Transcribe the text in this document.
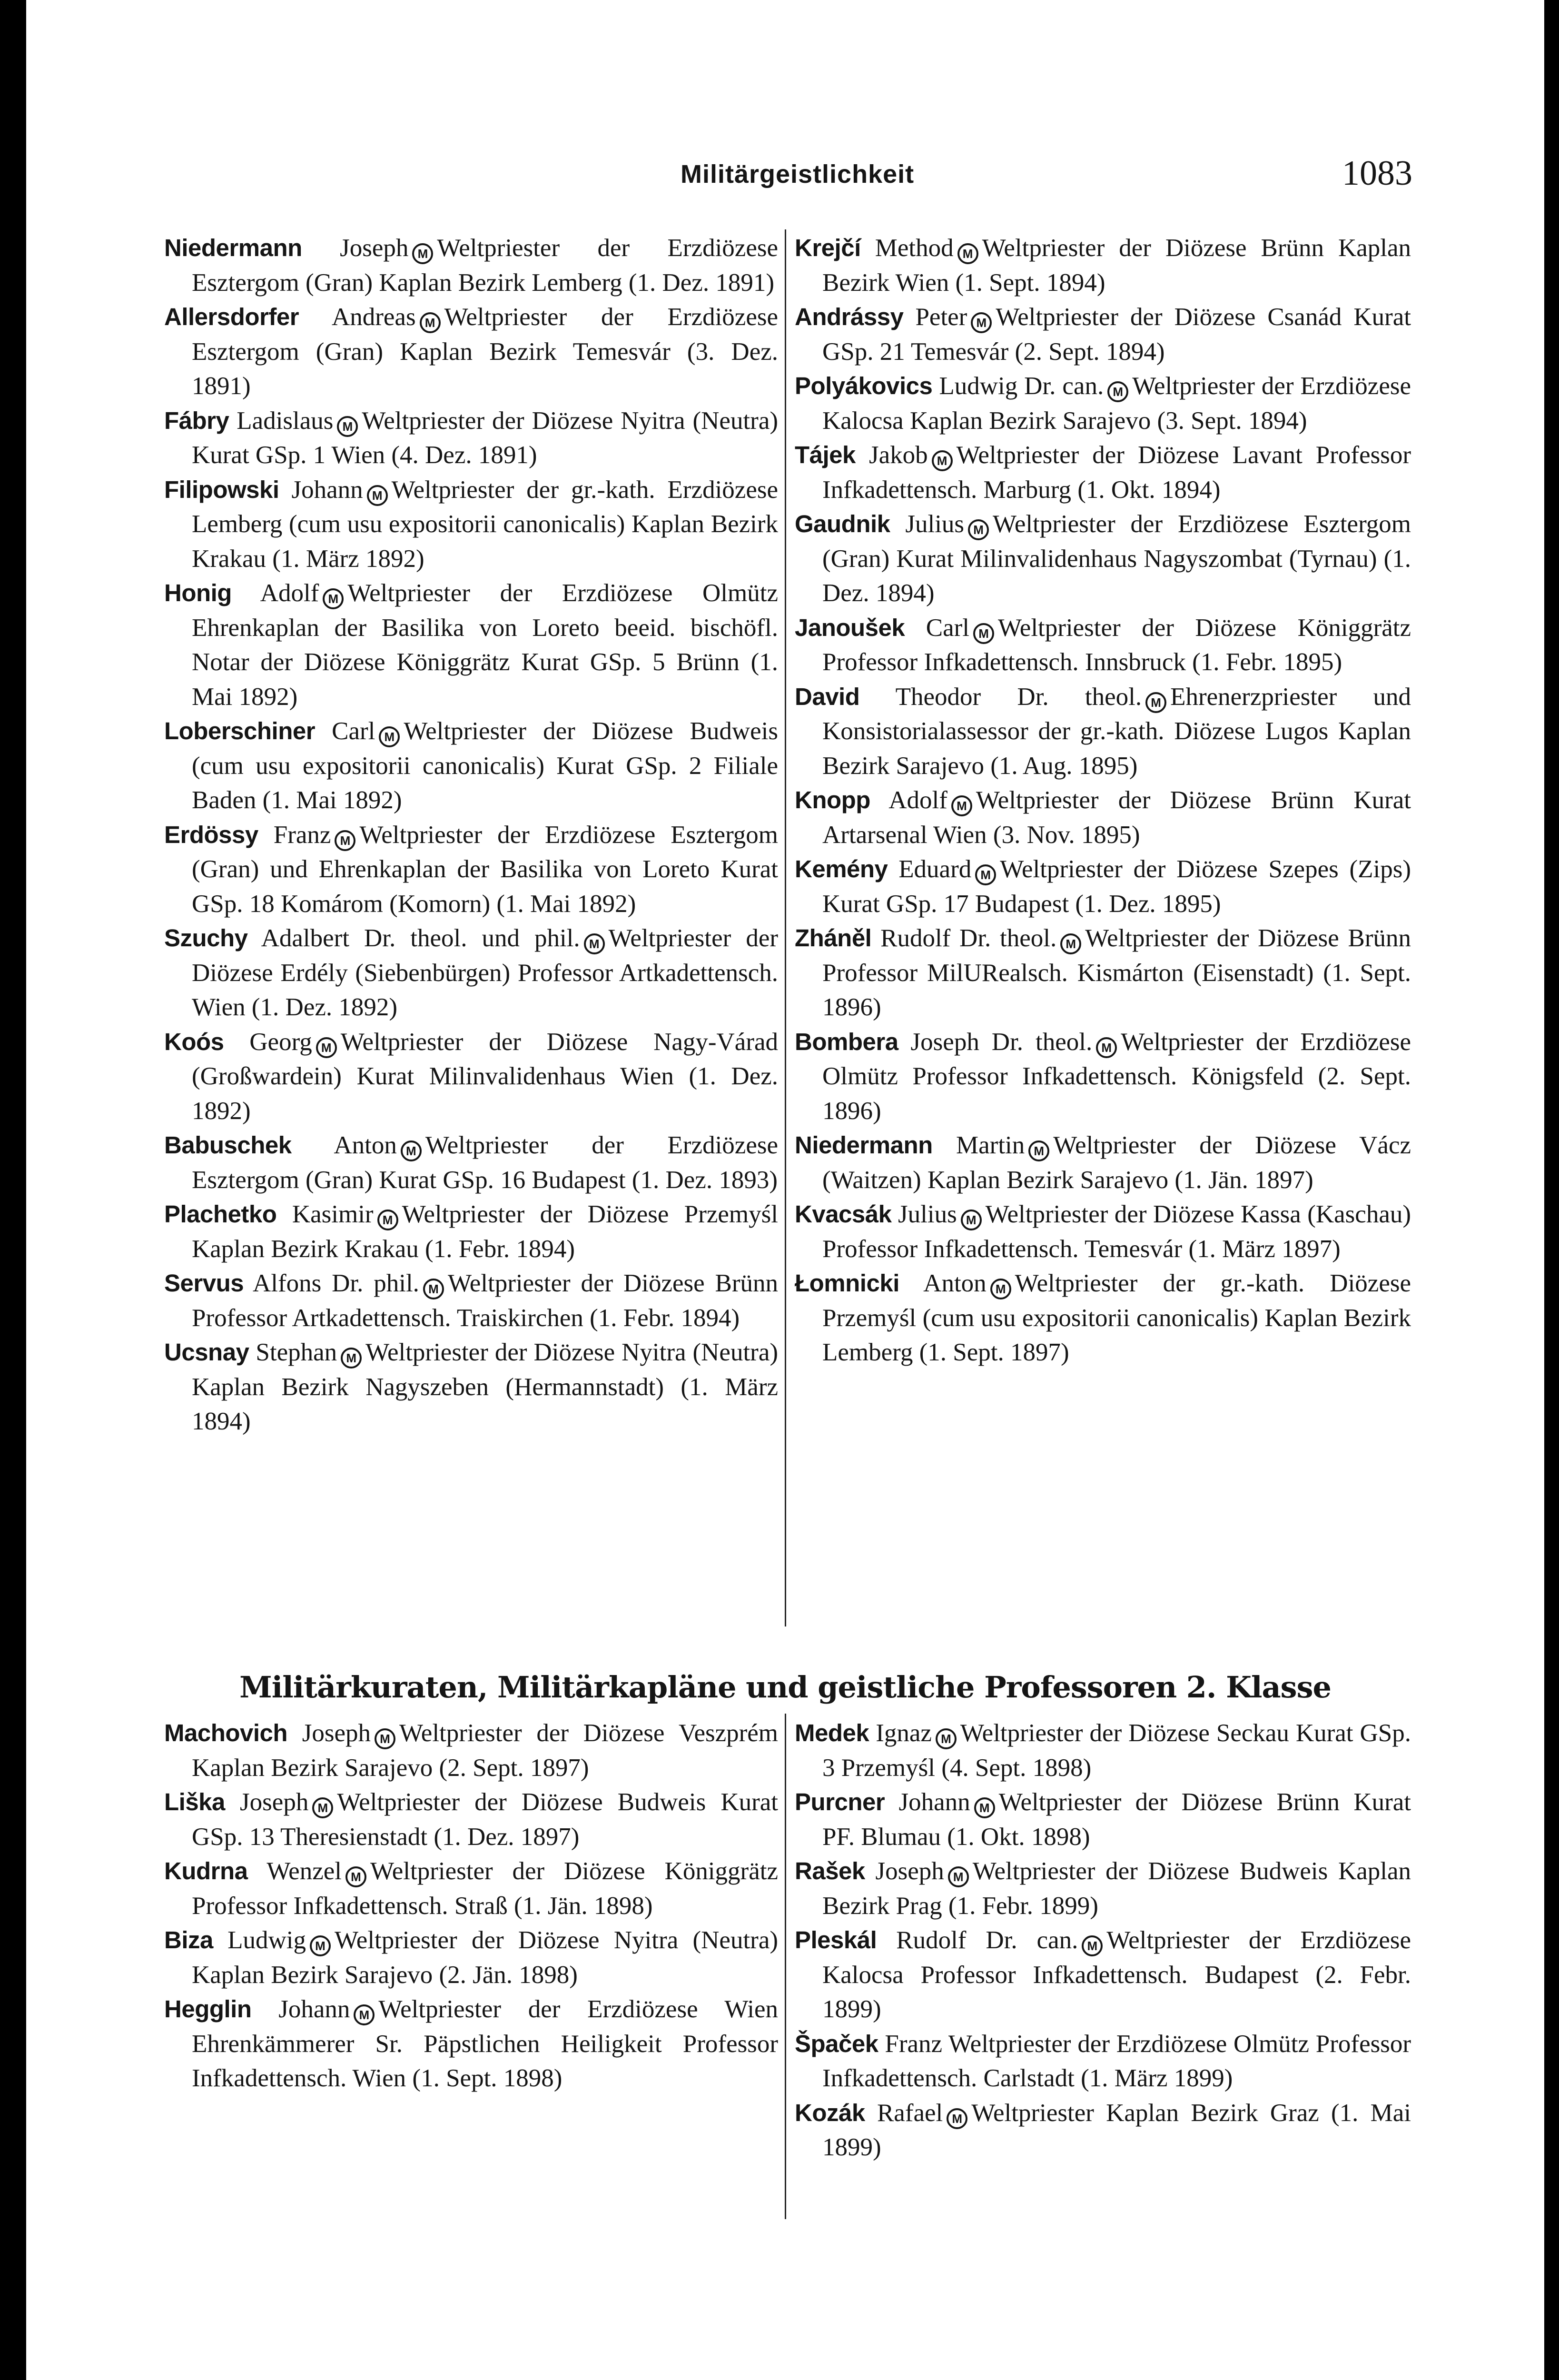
Militärgeistlichkeit	1083

Niedermann Joseph M Weltpriester der Erzdiözese Esztergom (Gran) Kaplan Bezirk Lemberg (1. Dez. 1891)

Allersdorfer Andreas M Weltpriester der Erzdiözese Esztergom (Gran) Kaplan Bezirk Temesvár (3. Dez. 1891)

Fábry Ladislaus M Weltpriester der Diözese Nyitra (Neutra) Kurat GSp. 1 Wien (4. Dez. 1891)

Filipowski Johann M Weltpriester der gr.-kath. Erzdiözese Lemberg (cum usu expositorii canonicalis) Kaplan Bezirk Krakau (1. März 1892)

Honig Adolf M Weltpriester der Erzdiözese Olmütz Ehrenkaplan der Basilika von Loreto beeid. bischöfl. Notar der Diözese Königgrätz Kurat GSp. 5 Brünn (1. Mai 1892)

Loberschiner Carl M Weltpriester der Diözese Budweis (cum usu expositorii canonicalis) Kurat GSp. 2 Filiale Baden (1. Mai 1892)

Erdössy Franz M Weltpriester der Erzdiözese Esztergom (Gran) und Ehrenkaplan der Basilika von Loreto Kurat GSp. 18 Komárom (Komorn) (1. Mai 1892)

Szuchy Adalbert Dr. theol. und phil. M Weltpriester der Diözese Erdély (Siebenbürgen) Professor Artkadettensch. Wien (1. Dez. 1892)

Koós Georg M Weltpriester der Diözese Nagy-Várad (Großwardein) Kurat Milinvalidenhaus Wien (1. Dez. 1892)

Babuschek Anton M Weltpriester der Erzdiözese Esztergom (Gran) Kurat GSp. 16 Budapest (1. Dez. 1893)

Plachetko Kasimir M Weltpriester der Diözese Przemyśl Kaplan Bezirk Krakau (1. Febr. 1894)

Servus Alfons Dr. phil. M Weltpriester der Diözese Brünn Professor Artkadettensch. Traiskirchen (1. Febr. 1894)

Ucsnay Stephan M Weltpriester der Diözese Nyitra (Neutra) Kaplan Bezirk Nagyszeben (Hermannstadt) (1. März 1894)

Krejčí Method M Weltpriester der Diözese Brünn Kaplan Bezirk Wien (1. Sept. 1894)

Andrássy Peter M Weltpriester der Diözese Csanád Kurat GSp. 21 Temesvár (2. Sept. 1894)

Polyákovics Ludwig Dr. can. M Weltpriester der Erzdiözese Kalocsa Kaplan Bezirk Sarajevo (3. Sept. 1894)

Tájek Jakob M Weltpriester der Diözese Lavant Professor Infkadettensch. Marburg (1. Okt. 1894)

Gaudnik Julius M Weltpriester der Erzdiözese Esztergom (Gran) Kurat Milinvalidenhaus Nagyszombat (Tyrnau) (1. Dez. 1894)

Janoušek Carl M Weltpriester der Diözese Königgrätz Professor Infkadettensch. Innsbruck (1. Febr. 1895)

David Theodor Dr. theol. M Ehrenerzpriester und Konsistorialassessor der gr.-kath. Diözese Lugos Kaplan Bezirk Sarajevo (1. Aug. 1895)

Knopp Adolf M Weltpriester der Diözese Brünn Kurat Artarsenal Wien (3. Nov. 1895)

Kemény Eduard M Weltpriester der Diözese Szepes (Zips) Kurat GSp. 17 Budapest (1. Dez. 1895)

Zháněl Rudolf Dr. theol. M Weltpriester der Diözese Brünn Professor MilURealsch. Kismárton (Eisenstadt) (1. Sept. 1896)

Bombera Joseph Dr. theol. M Weltpriester der Erzdiözese Olmütz Professor Infkadettensch. Königsfeld (2. Sept. 1896)

Niedermann Martin M Weltpriester der Diözese Vácz (Waitzen) Kaplan Bezirk Sarajevo (1. Jän. 1897)

Kvacsák Julius M Weltpriester der Diözese Kassa (Kaschau) Professor Infkadettensch. Temesvár (1. März 1897)

Łomnicki Anton M Weltpriester der gr.-kath. Diözese Przemyśl (cum usu expositorii canonicalis) Kaplan Bezirk Lemberg (1. Sept. 1897)

Militärkuraten, Militärkapläne und geistliche Professoren 2. Klasse

Machovich Joseph M Weltpriester der Diözese Veszprém Kaplan Bezirk Sarajevo (2. Sept. 1897)

Liška Joseph M Weltpriester der Diözese Budweis Kurat GSp. 13 Theresienstadt (1. Dez. 1897)

Kudrna Wenzel M Weltpriester der Diözese Königgrätz Professor Infkadettensch. Straß (1. Jän. 1898)

Biza Ludwig M Weltpriester der Diözese Nyitra (Neutra) Kaplan Bezirk Sarajevo (2. Jän. 1898)

Hegglin Johann M Weltpriester der Erzdiözese Wien Ehrenkämmerer Sr. Päpstlichen Heiligkeit Professor Infkadettensch. Wien (1. Sept. 1898)

Medek Ignaz M Weltpriester der Diözese Seckau Kurat GSp. 3 Przemyśl (4. Sept. 1898)

Purcner Johann M Weltpriester der Diözese Brünn Kurat PF. Blumau (1. Okt. 1898)

Rašek Joseph M Weltpriester der Diözese Budweis Kaplan Bezirk Prag (1. Febr. 1899)

Pleskál Rudolf Dr. can. M Weltpriester der Erzdiözese Kalocsa Professor Infkadettensch. Budapest (2. Febr. 1899)

Špaček Franz Weltpriester der Erzdiözese Olmütz Professor Infkadettensch. Carlstadt (1. März 1899)

Kozák Rafael M Weltpriester Kaplan Bezirk Graz (1. Mai 1899)
